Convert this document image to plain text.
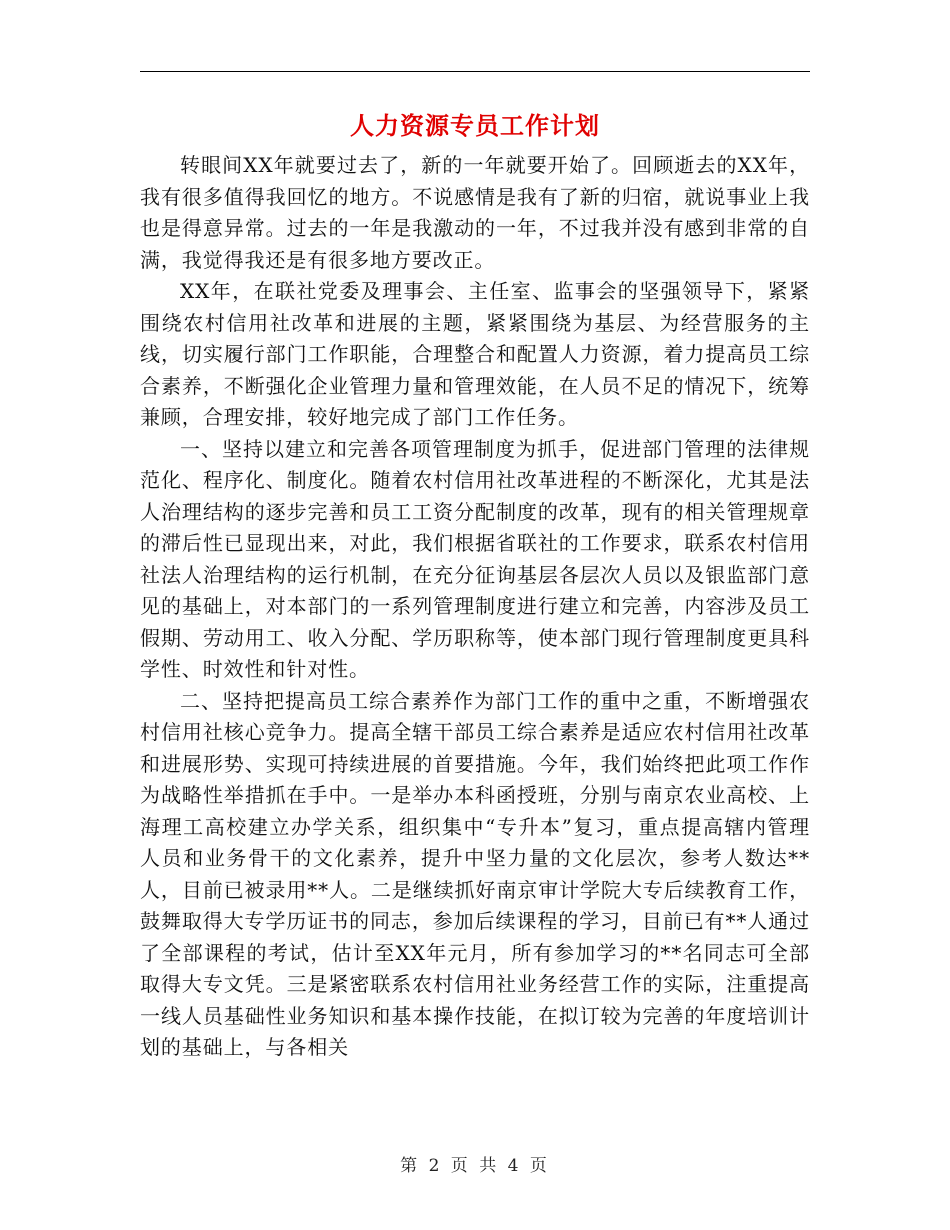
人力资源专员工作计划

转眼间XX年就要过去了，新的一年就要开始了。回顾逝去的XX年，我有很多值得我回忆的地方。不说感情是我有了新的归宿，就说事业上我也是得意异常。过去的一年是我激动的一年，不过我并没有感到非常的自满，我觉得我还是有很多地方要改正。

XX年，在联社党委及理事会、主任室、监事会的坚强领导下，紧紧围绕农村信用社改革和进展的主题，紧紧围绕为基层、为经营服务的主线，切实履行部门工作职能，合理整合和配置人力资源，着力提高员工综合素养，不断强化企业管理力量和管理效能，在人员不足的情况下，统筹兼顾，合理安排，较好地完成了部门工作任务。

一、坚持以建立和完善各项管理制度为抓手，促进部门管理的法律规范化、程序化、制度化。随着农村信用社改革进程的不断深化，尤其是法人治理结构的逐步完善和员工工资分配制度的改革，现有的相关管理规章的滞后性已显现出来，对此，我们根据省联社的工作要求，联系农村信用社法人治理结构的运行机制，在充分征询基层各层次人员以及银监部门意见的基础上，对本部门的一系列管理制度进行建立和完善，内容涉及员工假期、劳动用工、收入分配、学历职称等，使本部门现行管理制度更具科学性、时效性和针对性。

二、坚持把提高员工综合素养作为部门工作的重中之重，不断增强农村信用社核心竞争力。提高全辖干部员工综合素养是适应农村信用社改革和进展形势、实现可持续进展的首要措施。今年，我们始终把此项工作作为战略性举措抓在手中。一是举办本科函授班，分别与南京农业高校、上海理工高校建立办学关系，组织集中“专升本”复习，重点提高辖内管理人员和业务骨干的文化素养，提升中坚力量的文化层次，参考人数达**人，目前已被录用**人。二是继续抓好南京审计学院大专后续教育工作，鼓舞取得大专学历证书的同志，参加后续课程的学习，目前已有**人通过了全部课程的考试，估计至XX年元月，所有参加学习的**名同志可全部取得大专文凭。三是紧密联系农村信用社业务经营工作的实际，注重提高一线人员基础性业务知识和基本操作技能，在拟订较为完善的年度培训计划的基础上，与各相关

第 2 页 共 4 页
